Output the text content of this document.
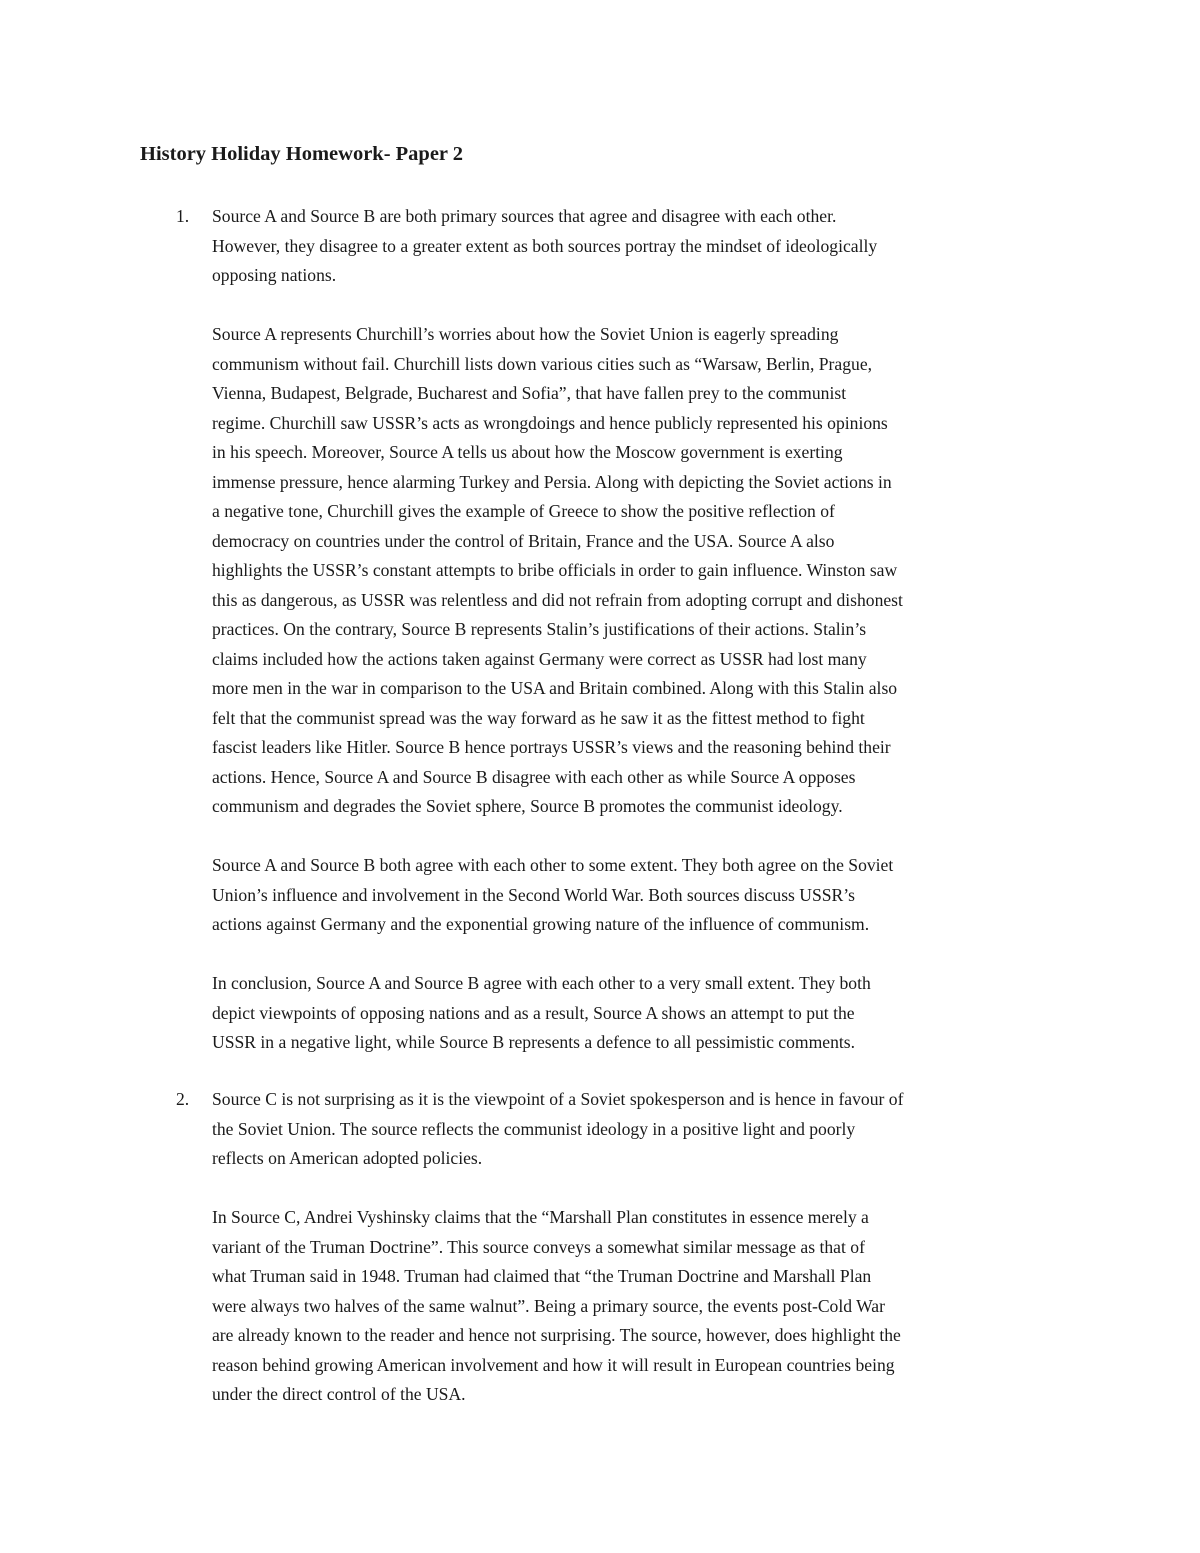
History Holiday Homework- Paper 2
1. Source A and Source B are both primary sources that agree and disagree with each other.
However, they disagree to a greater extent as both sources portray the mindset of ideologically
opposing nations.
Source A represents Churchill’s worries about how the Soviet Union is eagerly spreading
communism without fail. Churchill lists down various cities such as “Warsaw, Berlin, Prague,
Vienna, Budapest, Belgrade, Bucharest and Sofia”, that have fallen prey to the communist
regime. Churchill saw USSR’s acts as wrongdoings and hence publicly represented his opinions
in his speech. Moreover, Source A tells us about how the Moscow government is exerting
immense pressure, hence alarming Turkey and Persia. Along with depicting the Soviet actions in
a negative tone, Churchill gives the example of Greece to show the positive reflection of
democracy on countries under the control of Britain, France and the USA. Source A also
highlights the USSR’s constant attempts to bribe officials in order to gain influence. Winston saw
this as dangerous, as USSR was relentless and did not refrain from adopting corrupt and dishonest
practices. On the contrary, Source B represents Stalin’s justifications of their actions. Stalin’s
claims included how the actions taken against Germany were correct as USSR had lost many
more men in the war in comparison to the USA and Britain combined. Along with this Stalin also
felt that the communist spread was the way forward as he saw it as the fittest method to fight
fascist leaders like Hitler. Source B hence portrays USSR’s views and the reasoning behind their
actions. Hence, Source A and Source B disagree with each other as while Source A opposes
communism and degrades the Soviet sphere, Source B promotes the communist ideology.
Source A and Source B both agree with each other to some extent. They both agree on the Soviet
Union’s influence and involvement in the Second World War. Both sources discuss USSR’s
actions against Germany and the exponential growing nature of the influence of communism.
In conclusion, Source A and Source B agree with each other to a very small extent. They both
depict viewpoints of opposing nations and as a result, Source A shows an attempt to put the
USSR in a negative light, while Source B represents a defence to all pessimistic comments.
2. Source C is not surprising as it is the viewpoint of a Soviet spokesperson and is hence in favour of
the Soviet Union. The source reflects the communist ideology in a positive light and poorly
reflects on American adopted policies.
In Source C, Andrei Vyshinsky claims that the “Marshall Plan constitutes in essence merely a
variant of the Truman Doctrine”. This source conveys a somewhat similar message as that of
what Truman said in 1948. Truman had claimed that “the Truman Doctrine and Marshall Plan
were always two halves of the same walnut”. Being a primary source, the events post-Cold War
are already known to the reader and hence not surprising. The source, however, does highlight the
reason behind growing American involvement and how it will result in European countries being
under the direct control of the USA.
